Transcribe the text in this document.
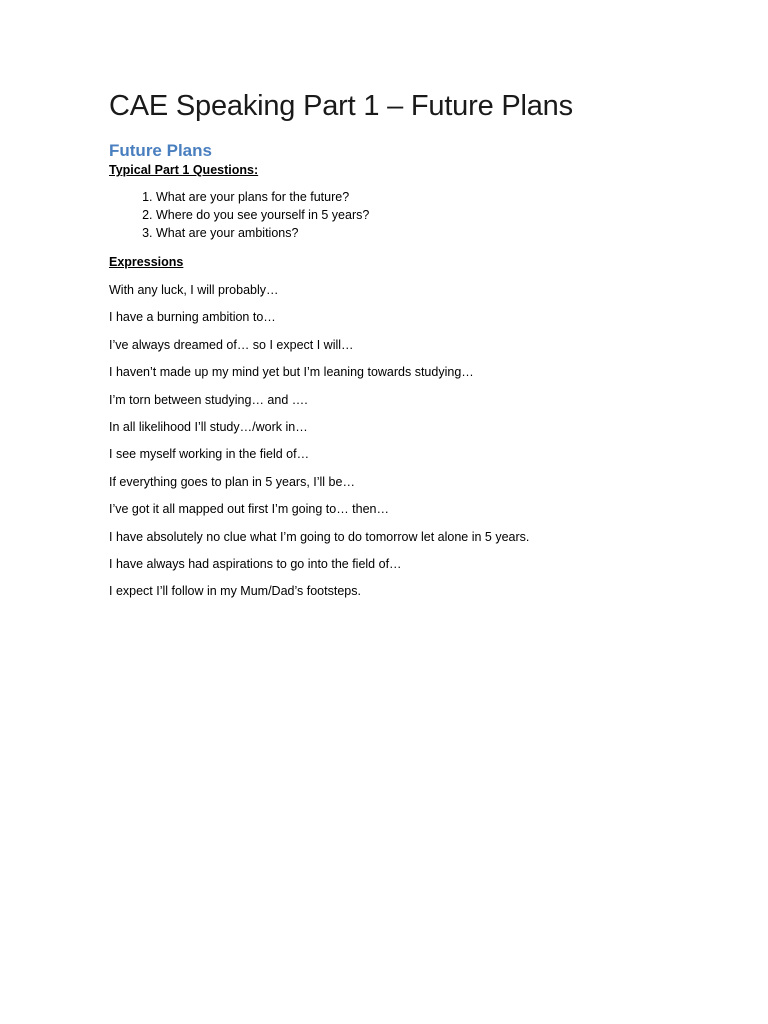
CAE Speaking Part 1 – Future Plans
Future Plans
Typical Part 1 Questions:
1. What are your plans for the future?
2. Where do you see yourself in 5 years?
3. What are your ambitions?
Expressions
With any luck, I will probably…
I have a burning ambition to…
I’ve always dreamed of… so I expect I will…
I haven’t made up my mind yet but I’m leaning towards studying…
I’m torn between studying… and ….
In all likelihood I’ll study…/work in…
I see myself working in the field of…
If everything goes to plan in 5 years, I’ll be…
I’ve got it all mapped out first I’m going to… then…
I have absolutely no clue what I’m going to do tomorrow let alone in 5 years.
I have always had aspirations to go into the field of…
I expect I’ll follow in my Mum/Dad’s footsteps.
